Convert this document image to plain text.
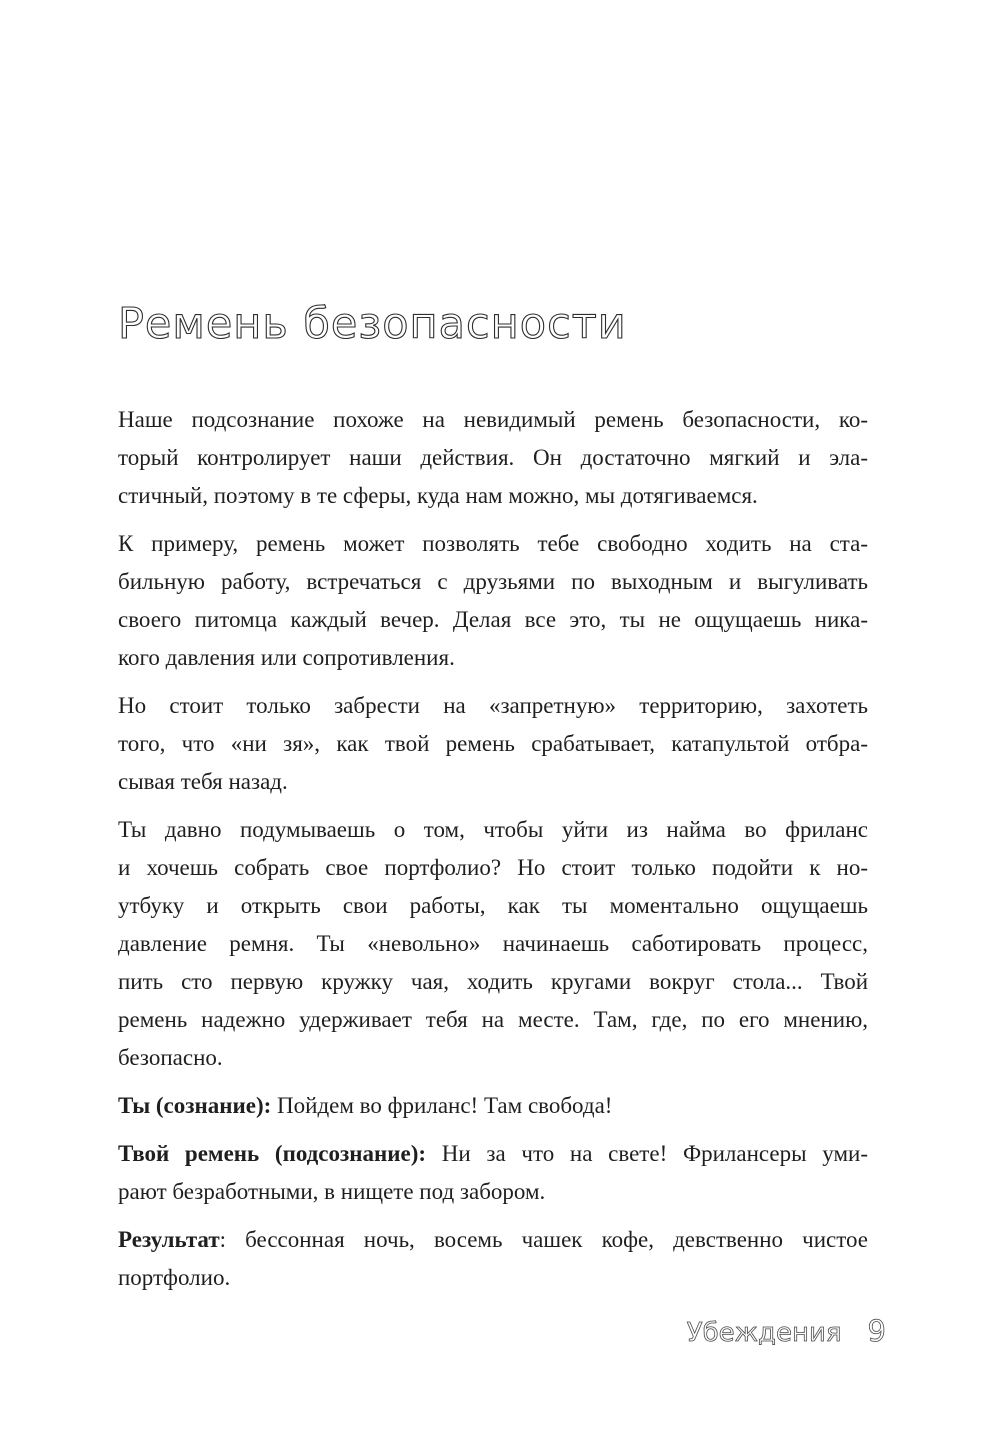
Ремень безопасности
Наше подсознание похоже на невидимый ремень безопасности, ко-
торый контролирует наши действия. Он достаточно мягкий и эла-
стичный, поэтому в те сферы, куда нам можно, мы дотягиваемся.
К примеру, ремень может позволять тебе свободно ходить на ста-
бильную работу, встречаться с друзьями по выходным и выгуливать
своего питомца каждый вечер. Делая все это, ты не ощущаешь ника-
кого давления или сопротивления.
Но стоит только забрести на «запретную» территорию, захотеть
того, что «ни зя», как твой ремень срабатывает, катапультой отбра-
сывая тебя назад.
Ты давно подумываешь о том, чтобы уйти из найма во фриланс
и хочешь собрать свое портфолио? Но стоит только подойти к но-
утбуку и открыть свои работы, как ты моментально ощущаешь
давление ремня. Ты «невольно» начинаешь саботировать процесс,
пить сто первую кружку чая, ходить кругами вокруг стола... Твой
ремень надежно удерживает тебя на месте. Там, где, по его мнению,
безопасно.
Ты (сознание): Пойдем во фриланс! Там свобода!
Твой ремень (подсознание): Ни за что на свете! Фрилансеры уми-
рают безработными, в нищете под забором.
Результат: бессонная ночь, восемь чашек кофе, девственно чистое
портфолио.
Убеждения 9
